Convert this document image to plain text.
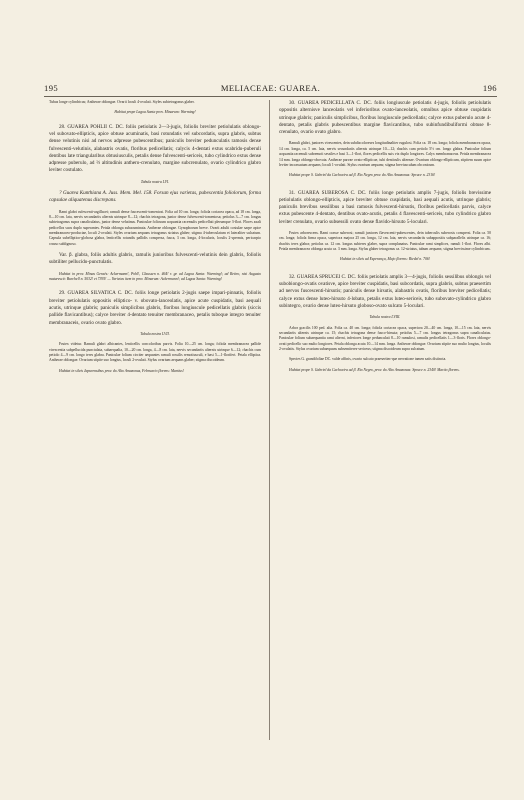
195	MELIACEAE: GUAREA.	196

Tubus longe cylindricus; Antherae oblongae. Ovarii loculi 4-ovulati. Styles subtetragonus glaber.

Habitat prope Lagoa Santa prov. Minarum: Warming!

28. GUAREA POHLII C. DC. foliis petiolatis 2—3-jugis, foliolis breviter petiolulatis oblongo- vel subovato-ellipticis, apice obtuse acuminatis, basi rotundatis vel subcordatis, supra glabris, subtus dense velutinis nisi ad nervos adpresse pubescentibus; paniculis breviter pedunculatis ramosis dense fulvescenti-velutinis, alabastris ovatis, floribus pedicellatis; calycis 4-dentati extus scabrido-puberuli dentibus late triangularibus obtusiusculis, petalis dense fulvescenti-sericeis, tubo cylindrico extus dense adpresse puberulo, ad ⅔ altitudinis anthero-crenulato, margine subcrenulato, ovario cylindrico glabro leviter costulato.

Tabula nostra LVI.

? Guarea Kunthiana A. Juss. Mem. Mel. 158. Forsan ejus varietas, pubescentia foliolorum, forma capsulae aliquatenus discrepans.

Rami glabri rufescenti-argillacei; ramuli dense fuscescenti-tomentosi. Folia ad 10 cm. longa; foliola coriacea opaca, ad 18 cm. longa, 8—10 cm. lata, nervis secundariis alternis utrinque 8—12; rhachis tetragona, junior dense fulvescenti-tomentosa; petiolus 3—7 cm. longus subtetragonus supra canaliculatus, junior dense velutinus. Paniculae foliosum acquantia racemulis pedicellati plerumque 3-flori. Flores axali pedicellos suos duplo superantes. Petala oblonga subacuminata. Antherae oblongae. Gynophorum breve. Ovarii adulti costulae sarpe apice membranaceo-productae, loculi 2-ovulati. Styles ovarium aequans tetragonus striatus glaber; stigma 4-tuberculatum et lateraliter sulcatum. Capsula subellipticо-globosa glabra, lenticellis rotundis pallidis conspersa, fuscа, 3 cm. longa, 4-loculаris, loculis 2-spermis, pericarpio crasso sublignoso.

Var. β. glabra, foliis adultis glabris, ramulis junioribus fulvescenti-velutinis dein glabris, foliolis subtiliter pellucido-punctulatis.

Habitat in prov. Minas Geraës: Ackermann!, Pohl!, Claussen n. 464! r. gr. ad Lagoa Santa: Warming!; ad Retiro, nisi Augusto maturescit: Burchell n. 5032! et 7395! — Varietas item in prov. Minarum: Ackermann!; ad Lagoa Santa: Warming!

29. GUAREA SILVATICA C. DC. foliis longe petiolatis 2-jugis saepe impari-pinnatis, foliolis breviter petiolulatis oppositis elliptico- v. obovato-lanceolatis, apice acute cuspidatis, basi aequali acutis, utrinque glabris; paniculis simplicibus glabris, floribus longiuscule pedicellatis glabris (siccis pallide flavicantibus); calyce breviter 4-dentato tenuiter membranaceo, petalis tuboque integro tenuiter membranaceis, ovario ovato glabro.

Tabula nostra LVII.

Frutex videtur. Ramuli glabri albicantes, lenticellis concoloribus parvis. Folia 10—25 cm. longa; foliola membranacea pallide virescentia subpellucida punctulata, subaequalia, 10—20 cm. longa, 4—8 cm. lata, nervis secundariis alternis utrinque 6—12; rhachis cum petiolo 4—9 cm. longo teres glabra. Paniculae folium circiter aequantes ramuli rossilis remotiusculi, e basi 5—1-floriferi. Petala elliptica. Antherae oblongae. Ovarium stipite suo longius, loculi 2-ovulati. Stylus ovarium aequans glaber; stigma discoideum.

Habitat in silvis Japurensibus prov. do Alto Amazonas, Februario florens: Martius!

30. GUAREA PEDICELLATA C. DC. foliis longiuscule petiolatis 4-jugis, foliolis petiolulatis oppositis alternisve lanceolatis vel inferioribus ovato-lanceolatis, omnibus apice obtuse cuspidatis utrinque glabris; paniculis simplicibus, floribus longiuscule pedicellatis; calyce extus puberulo acute 4-dentato, petalis glabris pubescentibus margine flavicantibus, tubo subinfundibuliformi obtuse 8-crenulato, ovario ovato glabro.

Ramuli glabri, juniores virescentes, dein subdiscoloreses longitudinaliter rugulosi. Folia ca. 18 cm. longa; foliola membranacea opaca, 14 cm. longa, ca. 5 cm. lata, nervis secundariis alternis utrinque 10—12; rhachis cum petiolo 5½ cm. longo glabra. Paniculae folium acquantia racemuli subremoti sessiles e basi 3—1-flori, flores pedicellis suis vix duplo longiores. Calyx membranaceus. Petala membranacea 14 mm. longa oblongo-obovata. Antherae parvae ovato-ellipticae, tubi denticulis alternae. Ovarium oblongo-ellipticum, stipitem suum apice leviter incrassatum aequans; loculi 1-ovulati. Stylus ovarium aequans; stigma breviusculum obconicum.

Habitat prope S. Gabriel da Cachoeira ad fl. Rio Negro prov. do Alto Amazonas: Spruce n. 2316!

31. GUAREA SUBEROSA C. DC. foliis longe petiolatis amplis 7-jugis, foliolis brevissime petiolulatis oblongo-ellipticis, apice breviter obtuse cuspidatis, basi aequali acutis, utrinque glabris; paniculis brevibus sessilibus a basi ramosis fulvescenti-hirsutis, floribus pedicellatis parvis, calyce extus pubescente 4-dentato, dentibus ovato-acutis, petalis 4 flavescenti-sericeis, tubo cylindrico glabro leviter crenulato, ovario subsessili ovato dense flavido-hirsuto 5-loculari.

Frutex arborescens. Rami crasse suberosi; ramuli juniores flavescenti-pubescentes, dein tuberculis suberosis conspersi. Folia ca. 50 cm. longa; foliola firma opaca, superiora majora 25 cm. longa, 12 cm. lata, nervis secundariis subappositis subparallelis utrinque ca. 16; rhachis teres glabra; petiolus ca. 12 cm. longus subteres glaber, supra complanatus. Paniculae rami simplices, ramuli 1-flori. Flores albi. Petala membranacea oblonga acuta ca. 3 mm. longa. Stylus glaber tetragonus ca. 12-striatus, tubum aequans; stigma brevissime cylindricum.

Habitat in silvis ad Esperança, Majo florens: Riedel n. 706!

32. GUAREA SPRUCEI C. DC. foliis petiolatis amplis 3—4-jugis, foliolis sessilibus oblongis vel subobiongo-ovatis ovatisve, apice breviter cuspidatis, basi subcordatis, supra glabris, subtus praesertim ad nervos fuscescenti-hirsutis; paniculis dense hirsutis, alabastris ovatis, floribus breviter pedicellatis; calyce extus dense luteo-hirsuto 4-lobato, petalis extus luteo-sericeis, tubo subovato-cylindrico glabro subintegro, ovario dense luteo-hirsuto globoso-ovato sulcato 5-loculari.

Tabula nostra LVIII.

Arbor gracilis 100 ped. alta. Folia ca. 40 cm. longa; foliola coriacea opaca, superiora 20—40 cm. longa, 10—15 cm. lata, nervis secundariis alternis utrinque ca. 15; rhachis tetragona dense fusco-hirsuta; petiolus 5—7 cm. longus tetragonus supra canaliculatus. Paniculae folium subaequantia rami alterni, inferiores longe pedunculati 8—10 ramulosi, ramulis pedicellatis 1—3-floris. Flores oblongo-ovati pedicello suo multo longiores. Petala oblonga acuta 10—14 mm. longa. Antherae oblongae. Ovarium stipite suo multo longius, loculis 2-ovulatis. Stylus ovarium subaequans subsemiteres-sericeus; stigma discoideum supra sulcatum.

Species G. grandifoliae DC. valde affinis, ovario sulcato praesertim-que nervatione tamen satis distincta.

Habitat prope S. Gabriel da Cachoeira ad fl. Rio Negro, prov. do Alto Amazonas: Spruce n. 2340! Martio florens.
